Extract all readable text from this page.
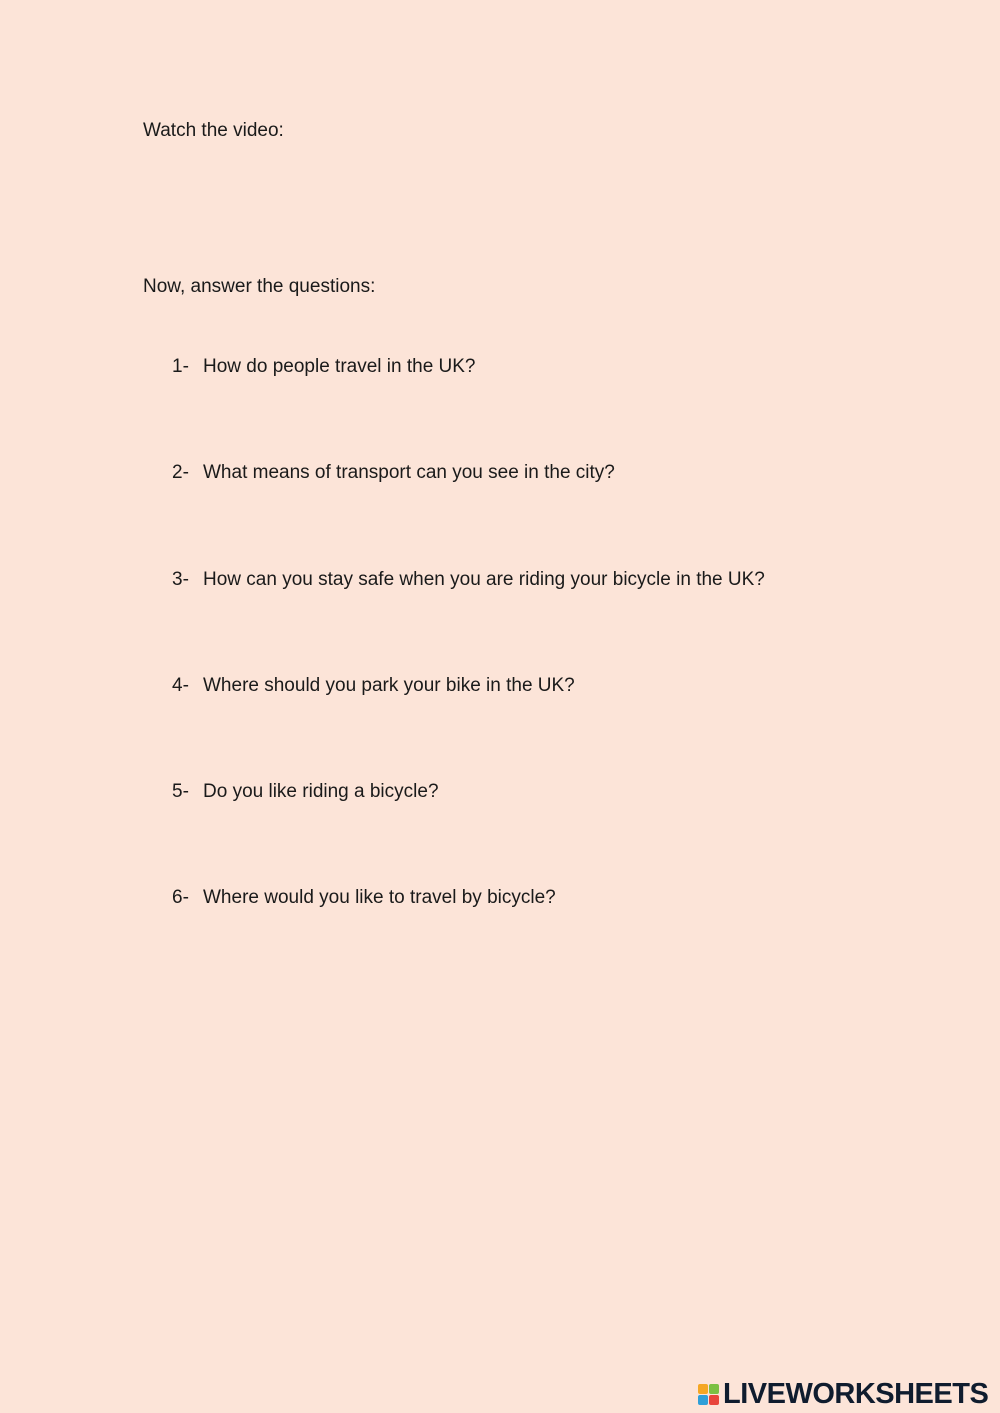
Watch the video:
Now, answer the questions:
1- How do people travel in the UK?
2- What means of transport can you see in the city?
3- How can you stay safe when you are riding your bicycle in the UK?
4- Where should you park your bike in the UK?
5- Do you like riding a bicycle?
6- Where would you like to travel by bicycle?
LIVEWORKSHEETS
